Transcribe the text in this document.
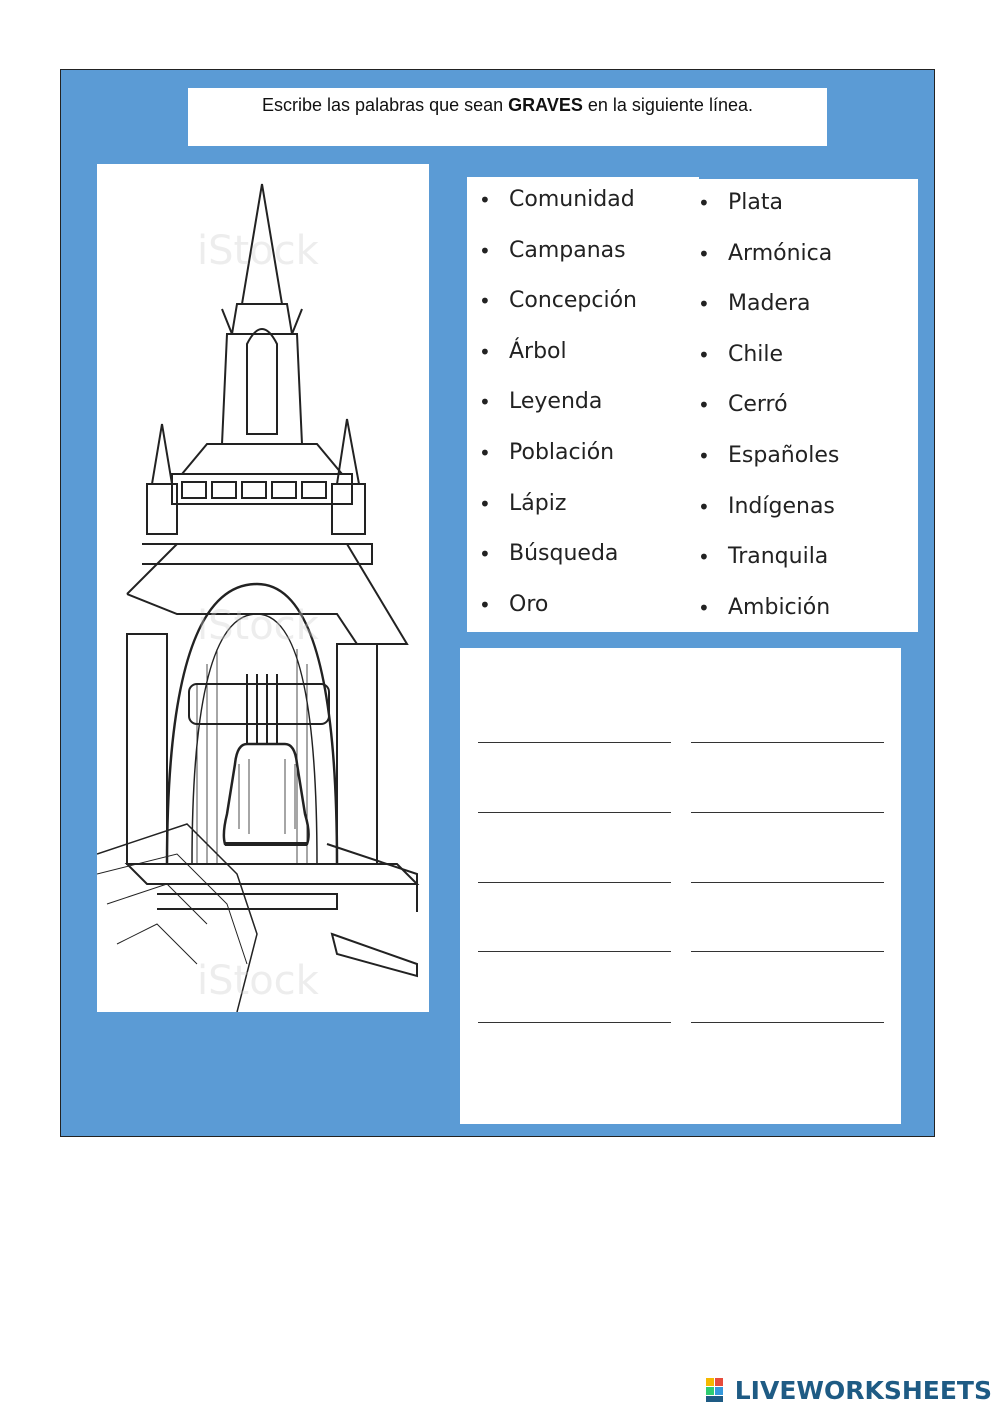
Escribe las palabras que sean GRAVES en la siguiente línea.
iStock
iStock
iStock
• Comunidad
• Campanas
• Concepción
• Árbol
• Leyenda
• Población
• Lápiz
• Búsqueda
• Oro
• Plata
• Armónica
• Madera
• Chile
• Cerró
• Españoles
• Indígenas
• Tranquila
• Ambición
LIVEWORKSHEETS
